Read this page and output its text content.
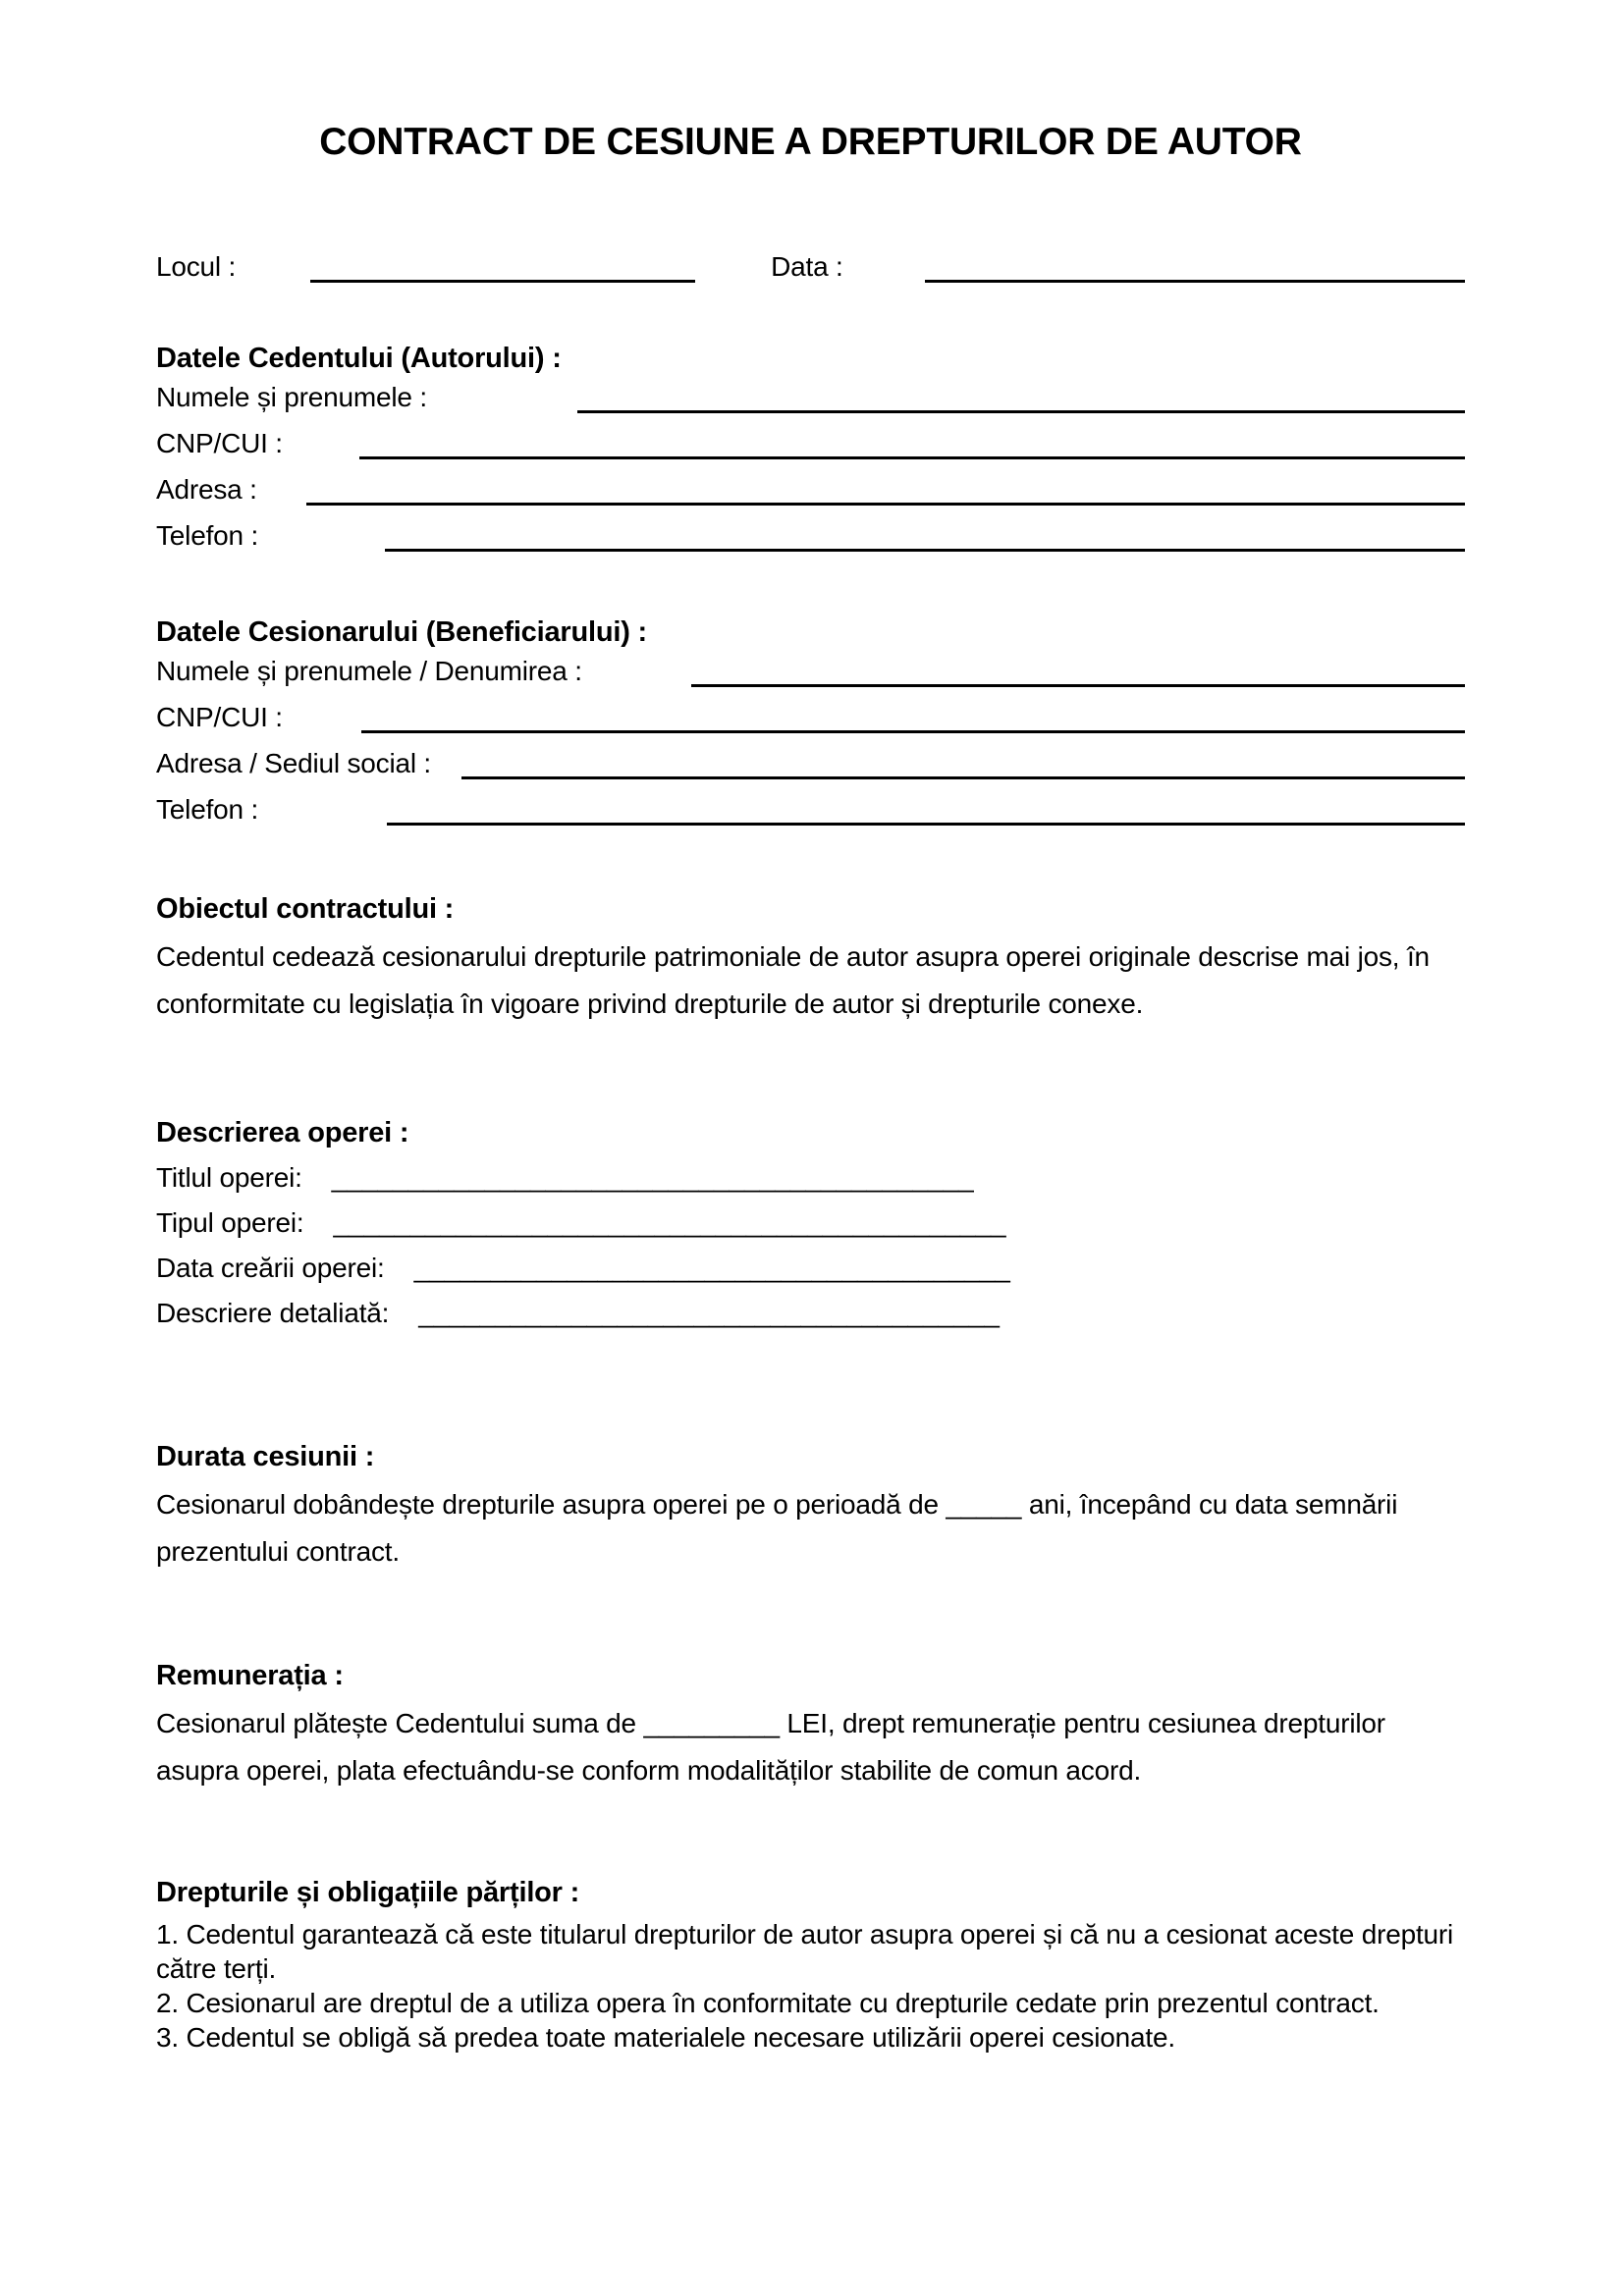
CONTRACT DE CESIUNE A DREPTURILOR DE AUTOR
Locul :	Data :
Datele Cedentului (Autorului) :
Numele și prenumele :
CNP/CUI :
Adresa :
Telefon :
Datele Cesionarului (Beneficiarului) :
Numele și prenumele / Denumirea :
CNP/CUI :
Adresa / Sediul social :
Telefon :
Obiectul contractului :
Cedentul cedează cesionarului drepturile patrimoniale de autor asupra operei originale descrise mai jos, în conformitate cu legislația în vigoare privind drepturile de autor și drepturile conexe.
Descrierea operei :
Titlul operei: __________________________________________
Tipul operei: ____________________________________________
Data creării operei: _______________________________________
Descriere detaliată: ______________________________________
Durata cesiunii :
Cesionarul dobândește drepturile asupra operei pe o perioadă de _____ ani, începând cu data semnării prezentului contract.
Remunerația :
Cesionarul plătește Cedentului suma de _________ LEI, drept remunerație pentru cesiunea drepturilor asupra operei, plata efectuându-se conform modalităților stabilite de comun acord.
Drepturile și obligațiile părților :
1. Cedentul garantează că este titularul drepturilor de autor asupra operei și că nu a cesionat aceste drepturi către terți.
2. Cesionarul are dreptul de a utiliza opera în conformitate cu drepturile cedate prin prezentul contract.
3. Cedentul se obligă să predea toate materialele necesare utilizării operei cesionate.
